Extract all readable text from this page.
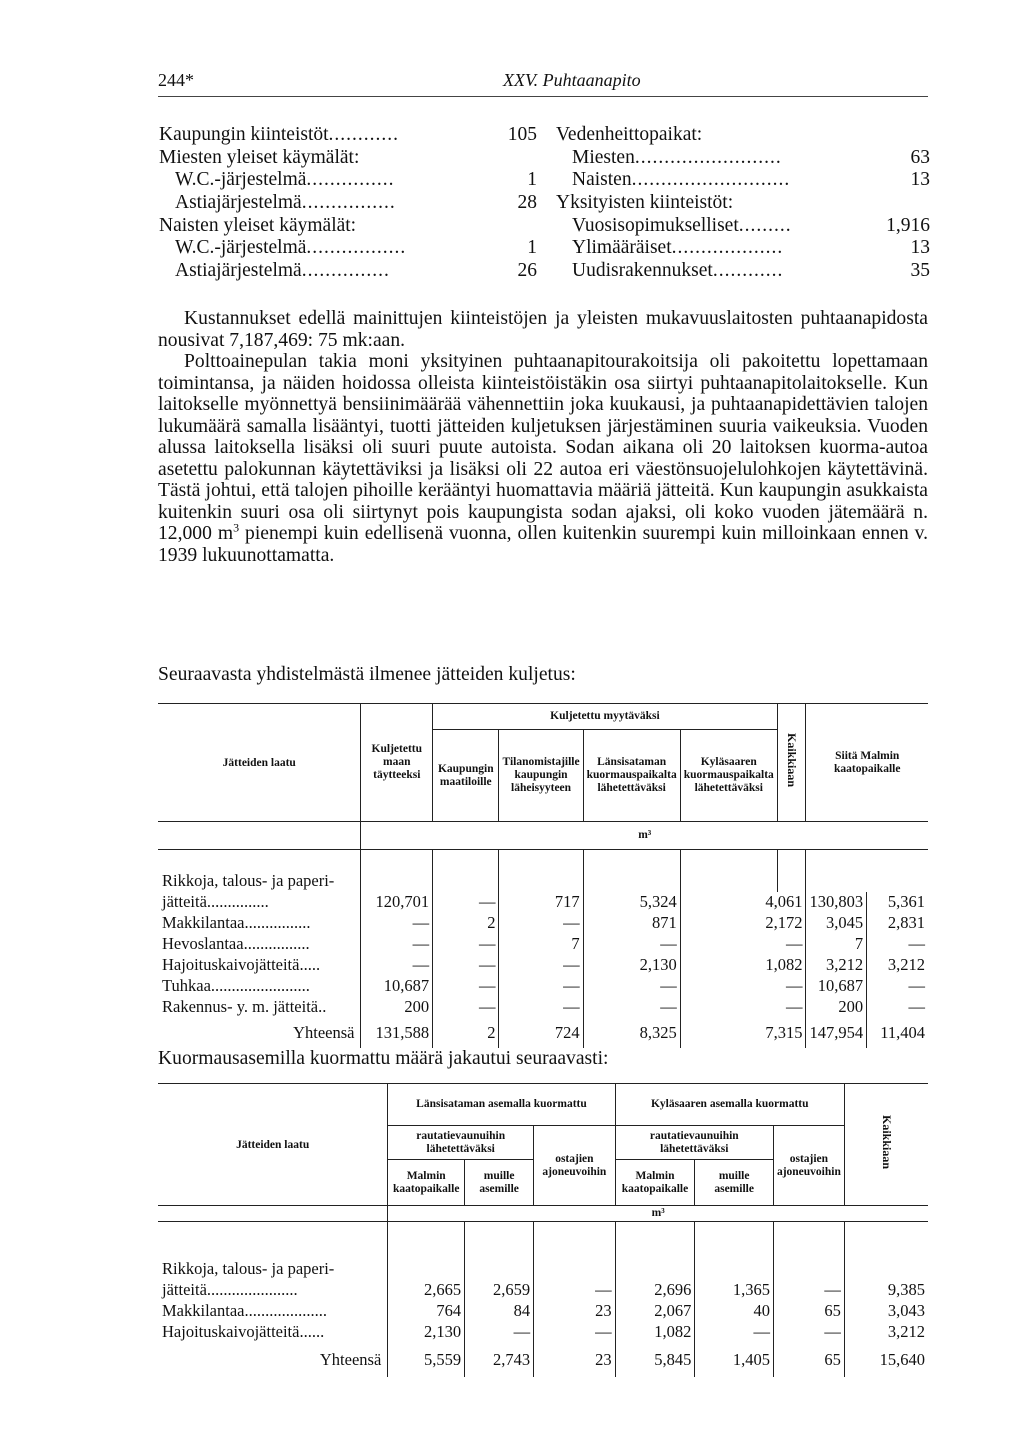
244*	XXV. Puhtaanapito
Kaupungin kiinteistöt............	105
Miesten yleiset käymälät:
W.C.-järjestelmä...............	1
Astiajärjestelmä................	28
Naisten yleiset käymälät:
W.C.-järjestelmä.................	1
Astiajärjestelmä...............	26
Vedenheittopaikat:
Miesten.........................	63
Naisten...........................	13
Yksityisten kiinteistöt:
Vuosisopimukselliset.........	1,916
Ylimääräiset...................	13
Uudisrakennukset............	35

Kustannukset edellä mainittujen kiinteistöjen ja yleisten mukavuuslaitosten puhtaanapidosta nousivat 7,187,469: 75 mk:aan.

Polttoainepulan takia moni yksityinen puhtaanapitourakoitsija oli pakoitettu lopettamaan toimintansa, ja näiden hoidossa olleista kiinteistöistäkin osa siirtyi puhtaanapitolaitokselle. Kun laitokselle myönnettyä bensiinimäärää vähennettiin joka kuukausi, ja puhtaanapidettävien talojen lukumäärä samalla lisääntyi, tuotti jätteiden kuljetuksen järjestäminen suuria vaikeuksia. Vuoden alussa laitoksella lisäksi oli suuri puute autoista. Sodan aikana oli 20 laitoksen kuorma-autoa asetettu palokunnan käytettäviksi ja lisäksi oli 22 autoa eri väestönsuojelulohkojen käytettävinä. Tästä johtui, että talojen pihoille kerääntyi huomattavia määriä jätteitä. Kun kaupungin asukkaista kuitenkin suuri osa oli siirtynyt pois kaupungista sodan ajaksi, oli koko vuoden jätemäärä n. 12,000 $m^3$ pienempi kuin edellisenä vuonna, ollen kuitenkin suurempi kuin milloinkaan ennen v. 1939 lukuunottamatta.

Seuraavasta yhdistelmästä ilmenee jätteiden kuljetus:
Jätteiden laatu	Kuljetettu maan täytteeksi	Kuljetettu myytäväksi				Kaikkiaan	Siitä Malmin kaatopaikalle	
		Kaupungin maatiloille	Tilanomistajille kaupungin läheisyyteen	Länsisataman kuormauspaikalta lähetettäväksi	Kyläsaaren kuormauspaikalta lähetettäväksi			
	m³							

Rikkoja, talous- ja paperi-							
jätteitä...............	120,701	—	717	5,324	4,061		130,803	5,361
Makkilantaa................	—	2	—	871	2,172		3,045	2,831
Hevoslantaa................	—	—	7	—	—		7	—
Hajoituskaivojätteitä.....	—	—	—	2,130	1,082		3,212	3,212
Tuhkaa........................	10,687	—	—	—	—		10,687	—
Rakennus- y. m. jätteitä..	200	—	—	—	—		200	—
Yhteensä	131,588	2	724	8,325	7,315		147,954	11,404
Kuormausasemilla kuormattu määrä jakautui seuraavasti:
Jätteiden laatu	Länsisataman asemalla kuormattu			Kyläsaaren asemalla kuormattu			Kaikkiaan
	rautatievaunuihin lähetettäväksi		ostajien ajoneuvoihin	rautatievaunuihin lähetettäväksi		ostajien ajoneuvoihin	
	Malmin kaatopaikalle	muille asemille		Malmin kaatopaikalle	muille asemille		
	m³						

Rikkoja, talous- ja paperi-							
jätteitä......................	2,665	2,659	—	2,696	1,365	—	9,385
Makkilantaa....................	764	84	23	2,067	40	65	3,043
Hajoituskaivojätteitä......	2,130	—	—	1,082	—	—	3,212
Yhteensä	5,559	2,743	23	5,845	1,405	65	15,640
